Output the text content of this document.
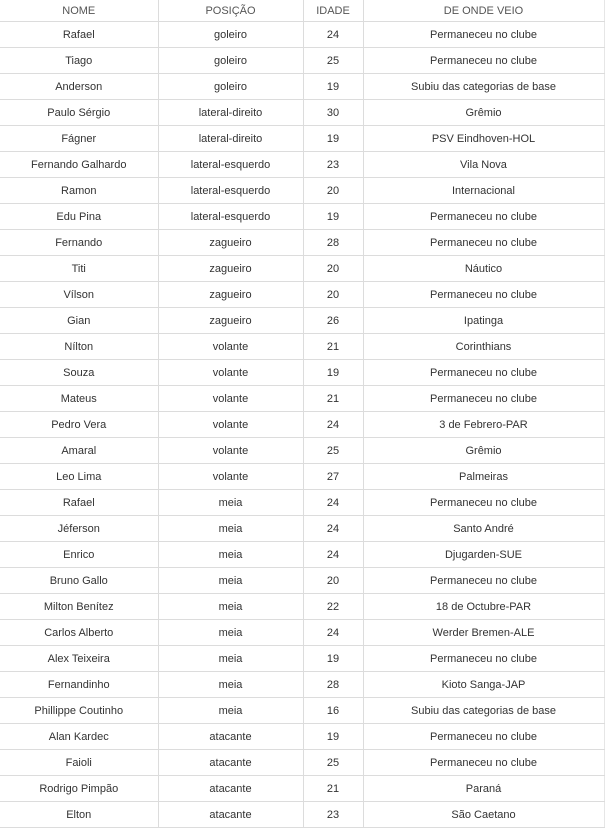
NOME	POSIÇÃO	IDADE	DE ONDE VEIO
Rafael	goleiro	24	Permaneceu no clube
Tiago	goleiro	25	Permaneceu no clube
Anderson	goleiro	19	Subiu das categorias de base
Paulo Sérgio	lateral-direito	30	Grêmio
Fágner	lateral-direito	19	PSV Eindhoven-HOL
Fernando Galhardo	lateral-esquerdo	23	Vila Nova
Ramon	lateral-esquerdo	20	Internacional
Edu Pina	lateral-esquerdo	19	Permaneceu no clube
Fernando	zagueiro	28	Permaneceu no clube
Titi	zagueiro	20	Náutico
Vílson	zagueiro	20	Permaneceu no clube
Gian	zagueiro	26	Ipatinga
Nílton	volante	21	Corinthians
Souza	volante	19	Permaneceu no clube
Mateus	volante	21	Permaneceu no clube
Pedro Vera	volante	24	3 de Febrero-PAR
Amaral	volante	25	Grêmio
Leo Lima	volante	27	Palmeiras
Rafael	meia	24	Permaneceu no clube
Jéferson	meia	24	Santo André
Enrico	meia	24	Djugarden-SUE
Bruno Gallo	meia	20	Permaneceu no clube
Milton Benítez	meia	22	18 de Octubre-PAR
Carlos Alberto	meia	24	Werder Bremen-ALE
Alex Teixeira	meia	19	Permaneceu no clube
Fernandinho	meia	28	Kioto Sanga-JAP
Phillippe Coutinho	meia	16	Subiu das categorias de base
Alan Kardec	atacante	19	Permaneceu no clube
Faioli	atacante	25	Permaneceu no clube
Rodrigo Pimpão	atacante	21	Paraná
Elton	atacante	23	São Caetano
